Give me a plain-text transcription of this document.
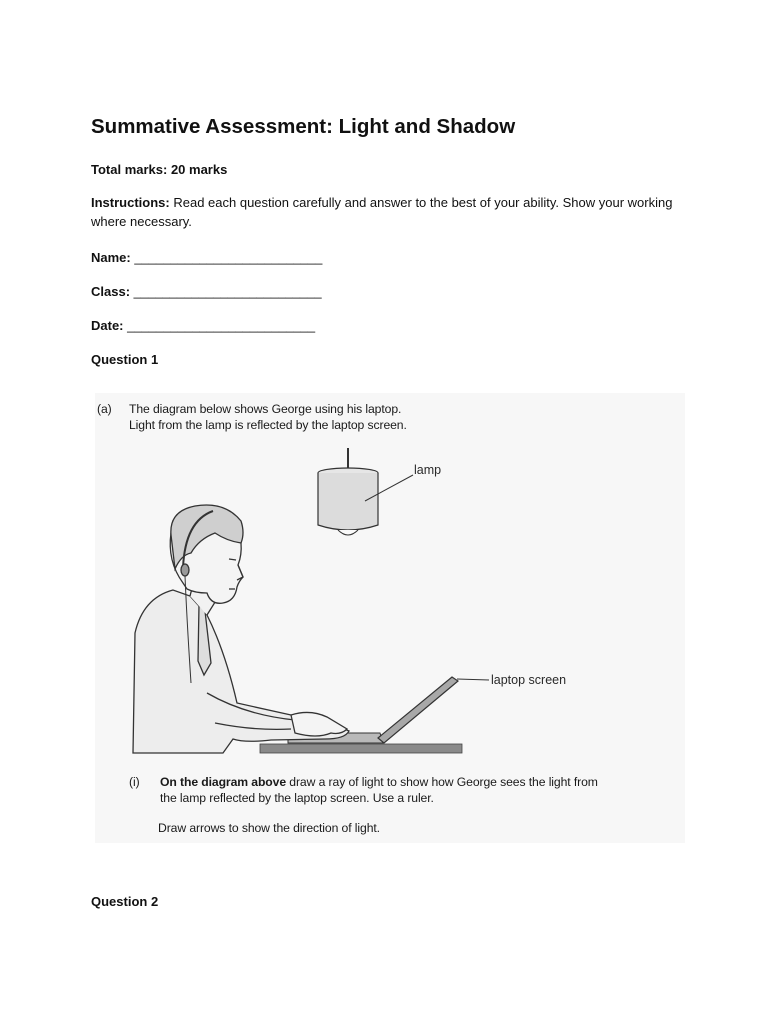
Summative Assessment: Light and Shadow
Total marks: 20 marks
Instructions: Read each question carefully and answer to the best of your ability. Show your working where necessary.
Name: __________________________
Class: __________________________
Date: __________________________
Question 1
(a) The diagram below shows George using his laptop.
Light from the lamp is reflected by the laptop screen.
lamp
laptop screen
(i) On the diagram above draw a ray of light to show how George sees the light from
the lamp reflected by the laptop screen. Use a ruler.
Draw arrows to show the direction of light.
Question 2
